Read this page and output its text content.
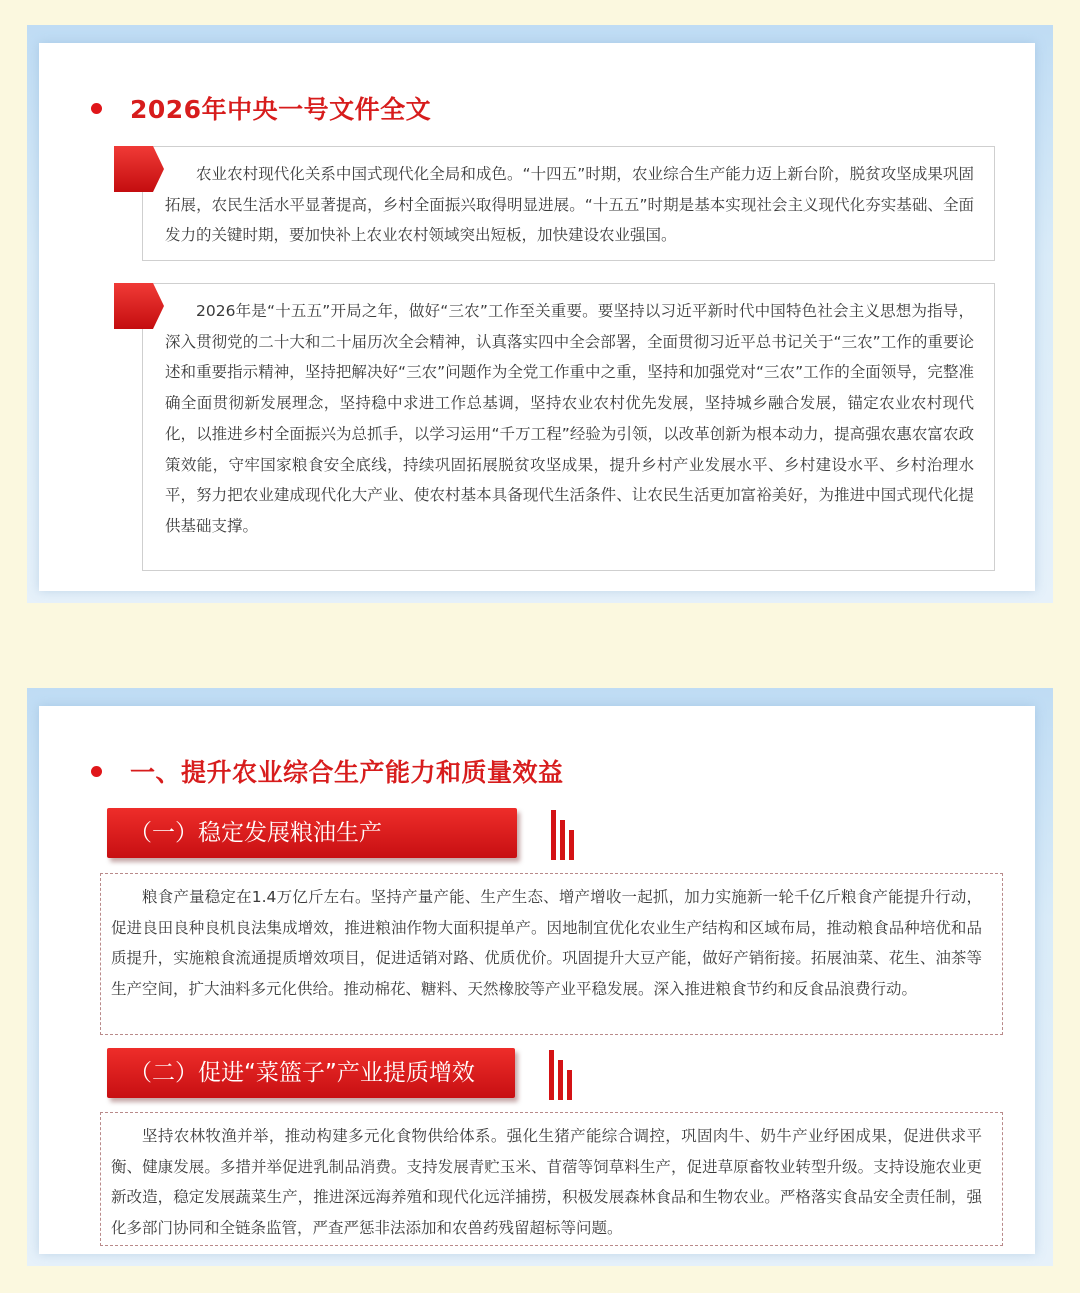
2026年中央一号文件全文

农业农村现代化关系中国式现代化全局和成色。“十四五”时期，农业综合生产能力迈上新台阶，脱贫攻坚成果巩固拓展，农民生活水平显著提高，乡村全面振兴取得明显进展。“十五五”时期是基本实现社会主义现代化夯实基础、全面发力的关键时期，要加快补上农业农村领域突出短板，加快建设农业强国。

2026年是“十五五”开局之年，做好“三农”工作至关重要。要坚持以习近平新时代中国特色社会主义思想为指导，深入贯彻党的二十大和二十届历次全会精神，认真落实四中全会部署，全面贯彻习近平总书记关于“三农”工作的重要论述和重要指示精神，坚持把解决好“三农”问题作为全党工作重中之重，坚持和加强党对“三农”工作的全面领导，完整准确全面贯彻新发展理念，坚持稳中求进工作总基调，坚持农业农村优先发展，坚持城乡融合发展，锚定农业农村现代化，以推进乡村全面振兴为总抓手，以学习运用“千万工程”经验为引领，以改革创新为根本动力，提高强农惠农富农政策效能，守牢国家粮食安全底线，持续巩固拓展脱贫攻坚成果，提升乡村产业发展水平、乡村建设水平、乡村治理水平，努力把农业建成现代化大产业、使农村基本具备现代生活条件、让农民生活更加富裕美好，为推进中国式现代化提供基础支撑。

一、提升农业综合生产能力和质量效益
（一）稳定发展粮油生产

粮食产量稳定在1.4万亿斤左右。坚持产量产能、生产生态、增产增收一起抓，加力实施新一轮千亿斤粮食产能提升行动，促进良田良种良机良法集成增效，推进粮油作物大面积提单产。因地制宜优化农业生产结构和区域布局，推动粮食品种培优和品质提升，实施粮食流通提质增效项目，促进适销对路、优质优价。巩固提升大豆产能，做好产销衔接。拓展油菜、花生、油茶等生产空间，扩大油料多元化供给。推动棉花、糖料、天然橡胶等产业平稳发展。深入推进粮食节约和反食品浪费行动。

（二）促进“菜篮子”产业提质增效

坚持农林牧渔并举，推动构建多元化食物供给体系。强化生猪产能综合调控，巩固肉牛、奶牛产业纾困成果，促进供求平衡、健康发展。多措并举促进乳制品消费。支持发展青贮玉米、苜蓿等饲草料生产，促进草原畜牧业转型升级。支持设施农业更新改造，稳定发展蔬菜生产，推进深远海养殖和现代化远洋捕捞，积极发展森林食品和生物农业。严格落实食品安全责任制，强化多部门协同和全链条监管，严查严惩非法添加和农兽药残留超标等问题。
